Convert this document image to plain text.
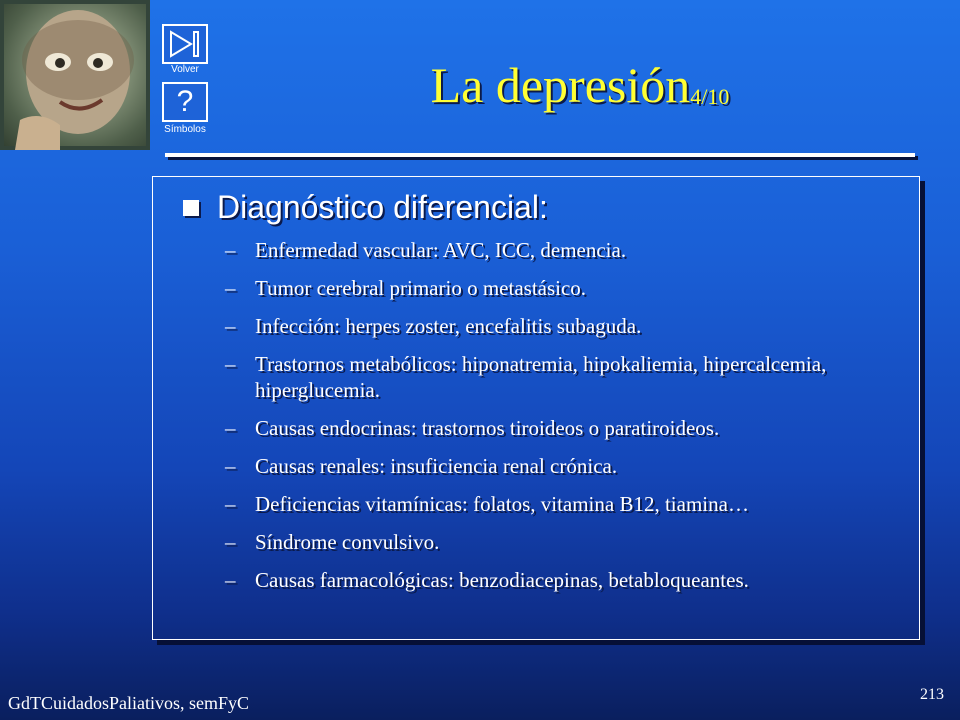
Volver
?
Símbolos
La depresión$_{4/10}$
Diagnóstico diferencial:
– Enfermedad vascular: AVC, ICC, demencia.
– Tumor cerebral primario o metastásico.
– Infección: herpes zoster, encefalitis subaguda.
– Trastornos metabólicos: hiponatremia, hipokaliemia, hipercalcemia, hiperglucemia.
– Causas endocrinas: trastornos tiroideos o paratiroideos.
– Causas renales: insuficiencia renal crónica.
– Deficiencias vitamínicas: folatos, vitamina B12, tiamina…
– Síndrome convulsivo.
– Causas farmacológicas: benzodiacepinas, betabloqueantes.
GdTCuidadosPaliativos, semFyC	213
